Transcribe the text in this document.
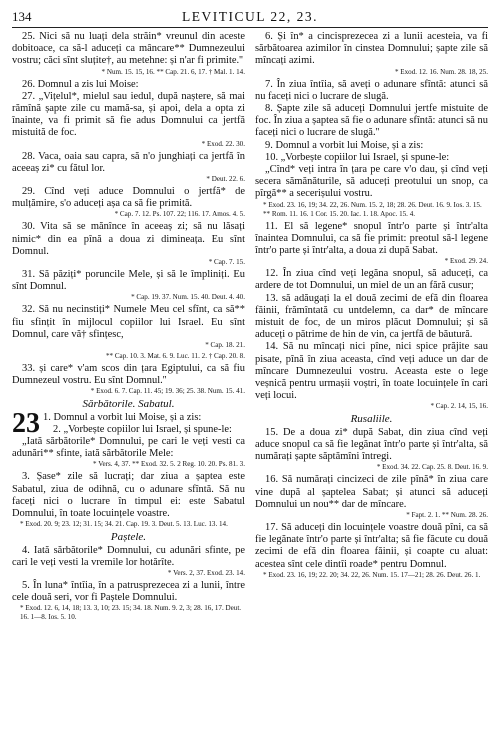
134	LEVITICUL 22, 23.

25. Nici să nu luați dela străin* vreunul din aceste dobitoace, ca să-l aduceți ca mâncare** Dumnezeului vostru; căci sînt sluțite†, au metehne: și n'ar fi primite.''

* Num. 15. 15, 16. ** Cap. 21. 6, 17. † Mal. 1. 14.

26. Domnul a zis lui Moise:

27. „Vițelul*, mielul sau iedul, după naștere, să mai rămînă șapte zile cu mamă-sa, și apoi, dela a opta zi înainte, va fi primit să fie adus Domnului ca jertfă mistuită de foc.

* Exod. 22. 30.

28. Vaca, oaia sau capra, să n'o junghiați ca jertfă în aceeaș zi* cu fătul lor.

* Deut. 22. 6.

29. Cînd veți aduce Domnului o jertfă* de mulțămire, s'o aduceți așa ca să fie primită.

* Cap. 7. 12. Ps. 107. 22; 116. 17. Amos. 4. 5.

30. Vita să se mănînce în aceeaș zi; să nu lăsați nimic* din ea pînă a doua zi dimineața. Eu sînt Domnul.

* Cap. 7. 15.

31. Să păziți* poruncile Mele, și să le împliniți. Eu sînt Domnul.

* Cap. 19. 37. Num. 15. 40. Deut. 4. 40.

32. Să nu necinstiți* Numele Meu cel sfînt, ca să** fiu sfințit în mijlocul copiilor lui Israel. Eu sînt Domnul, care vă† sfințesc,

* Cap. 18. 21.

** Cap. 10. 3. Mat. 6. 9. Luc. 11. 2. † Cap. 20. 8.

33. și care* v'am scos din țara Egiptului, ca să fiu Dumnezeul vostru. Eu sînt Domnul.''

* Exod. 6. 7. Cap. 11. 45; 19. 36; 25. 38. Num. 15. 41.

Sărbătorile. Sabatul.

23 1. Domnul a vorbit lui Moise, și a zis:

2. „Vorbește copiilor lui Israel, și spune-le:

„Iată sărbătorile* Domnului, pe cari le veți vesti ca adunări** sfinte, iată sărbătorile Mele:

* Vers. 4, 37. ** Exod. 32. 5. 2 Reg. 10. 20. Ps. 81. 3.

3. Șase* zile să lucrați; dar ziua a șaptea este Sabatul, ziua de odihnă, cu o adunare sfîntă. Să nu faceți nici o lucrare în timpul ei: este Sabatul Domnului, în toate locuințele voastre.

* Exod. 20. 9; 23. 12; 31. 15; 34. 21. Cap. 19. 3. Deut. 5. 13. Luc. 13. 14.

Paștele.

4. Iată sărbătorile* Domnului, cu adunări sfinte, pe cari le veți vesti la vremile lor hotărîte.

* Vers. 2, 37. Exod. 23. 14.

5. În luna* întîia, în a patrusprezecea zi a lunii, între cele două seri, vor fi Paștele Domnului.

* Exod. 12. 6, 14, 18; 13. 3, 10; 23. 15; 34. 18. Num. 9. 2, 3; 28. 16, 17. Deut. 16. 1—8. Ios. 5. 10.

6. Și în* a cincisprezecea zi a lunii acesteia, va fi sărbătoarea azimilor în cinstea Domnului; șapte zile să mîncați azimi.

* Exod. 12. 16. Num. 28. 18, 25.

7. În ziua întîia, să aveți o adunare sfîntă: atunci să nu faceți nici o lucrare de slugă.

8. Șapte zile să aduceți Domnului jertfe mistuite de foc. În ziua a șaptea să fie o adunare sfîntă: atunci să nu faceți nici o lucrare de slugă.''

9. Domnul a vorbit lui Moise, și a zis:

10. „Vorbește copiilor lui Israel, și spune-le:

„Cînd* veți intra în țara pe care v'o dau, și cînd veți secera sămănăturile, să aduceți preotului un snop, ca pîrgă** a secerișului vostru.

* Exod. 23. 16, 19; 34. 22, 26. Num. 15. 2, 18; 28. 26. Deut. 16. 9. Ios. 3. 15. ** Rom. 11. 16. 1 Cor. 15. 20. Iac. 1. 18. Apoc. 15. 4.

11. El să legene* snopul într'o parte și într'alta înaintea Domnului, ca să fie primit: preotul să-l legene într'o parte și într'alta, a doua zi după Sabat.

* Exod. 29. 24.

12. În ziua cînd veți legăna snopul, să aduceți, ca ardere de tot Domnului, un miel de un an fără cusur;

13. să adăugați la el două zecimi de efă din floarea făinii, frămîntată cu untdelemn, ca dar* de mîncare mistuit de foc, de un miros plăcut Domnului; și să aduceți o pătrime de hin de vin, ca jertfă de băutură.

14. Să nu mîncați nici pîne, nici spice prăjite sau pisate, pînă în ziua aceasta, cînd veți aduce un dar de mîncare Dumnezeului vostru. Aceasta este o lege veșnică pentru urmașii voștri, în toate locuințele în cari veți locui.

* Cap. 2. 14, 15, 16.

Rusaliile.

15. De a doua zi* după Sabat, din ziua cînd veți aduce snopul ca să fie legănat într'o parte și într'alta, să numărați șapte săptămîni întregi.

* Exod. 34. 22. Cap. 25. 8. Deut. 16. 9.

16. Să numărați cincizeci de zile pînă* în ziua care vine după al șaptelea Sabat; și atunci să aduceți Domnului un nou** dar de mîncare.

* Fapt. 2. 1. ** Num. 28. 26.

17. Să aduceți din locuințele voastre două pîni, ca să fie legănate într'o parte și într'alta; să fie făcute cu două zecimi de efă din floarea făinii, și coapte cu aluat: acestea sînt cele dintîi roade* pentru Domnul.

* Exod. 23. 16, 19; 22. 20; 34. 22, 26. Num. 15. 17—21; 28. 26. Deut. 26. 1.
